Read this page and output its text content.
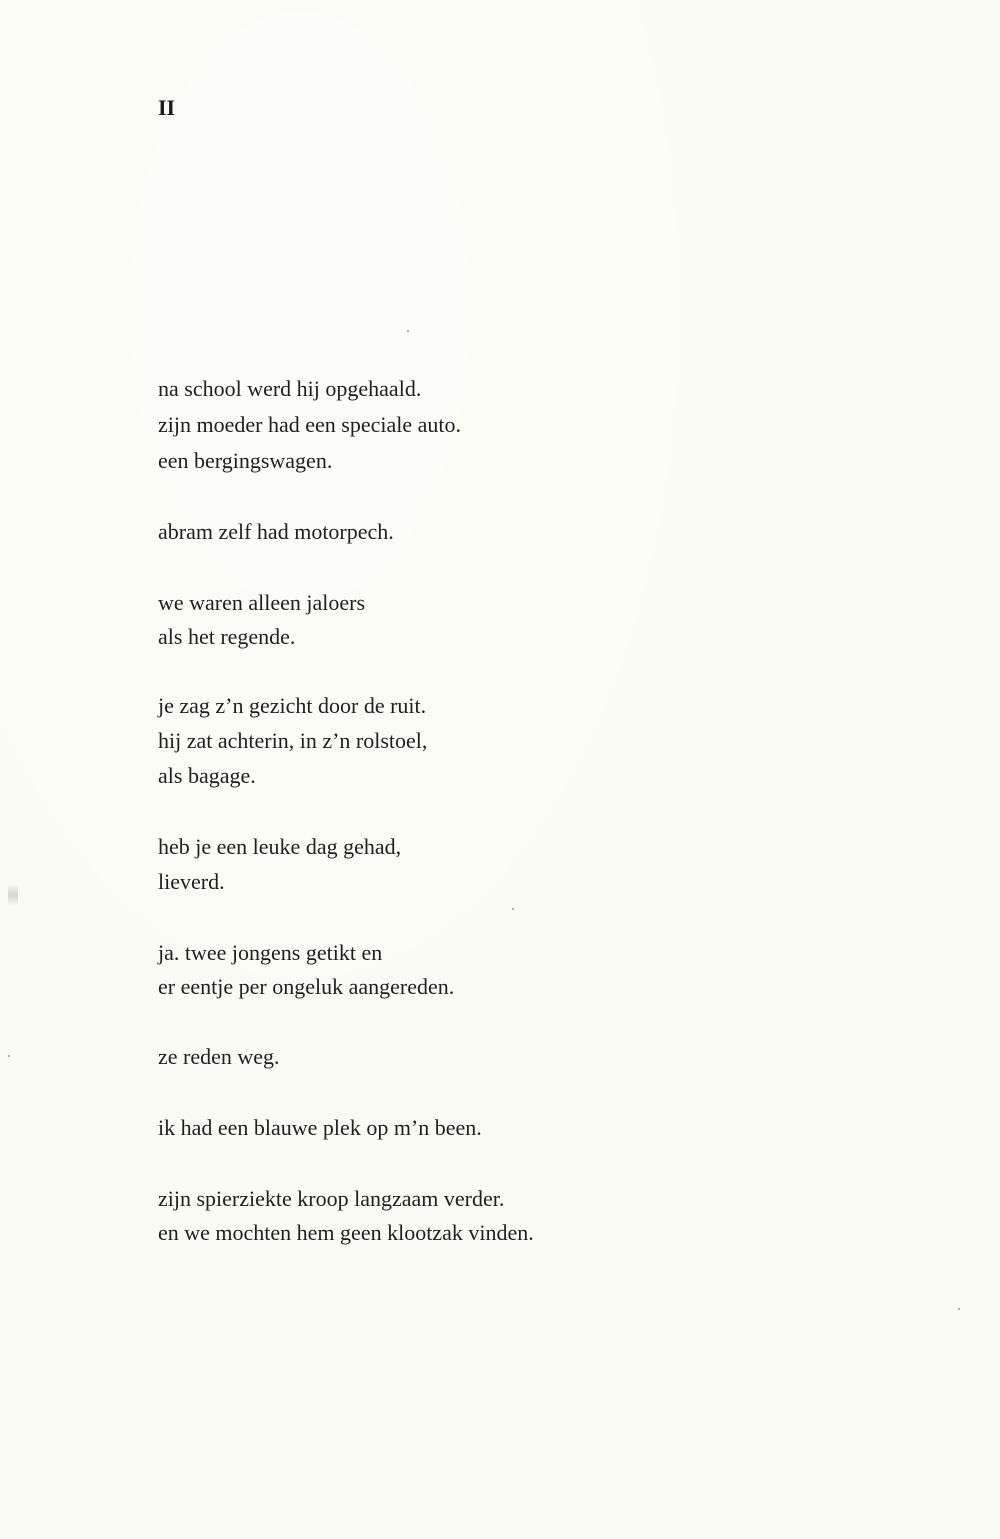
II

na school werd hij opgehaald.

zijn moeder had een speciale auto.

een bergingswagen.

abram zelf had motorpech.

we waren alleen jaloers

als het regende.

je zag z’n gezicht door de ruit.

hij zat achterin, in z’n rolstoel,

als bagage.

heb je een leuke dag gehad,

lieverd.

ja. twee jongens getikt en

er eentje per ongeluk aangereden.

ze reden weg.

ik had een blauwe plek op m’n been.

zijn spierziekte kroop langzaam verder.

en we mochten hem geen klootzak vinden.
